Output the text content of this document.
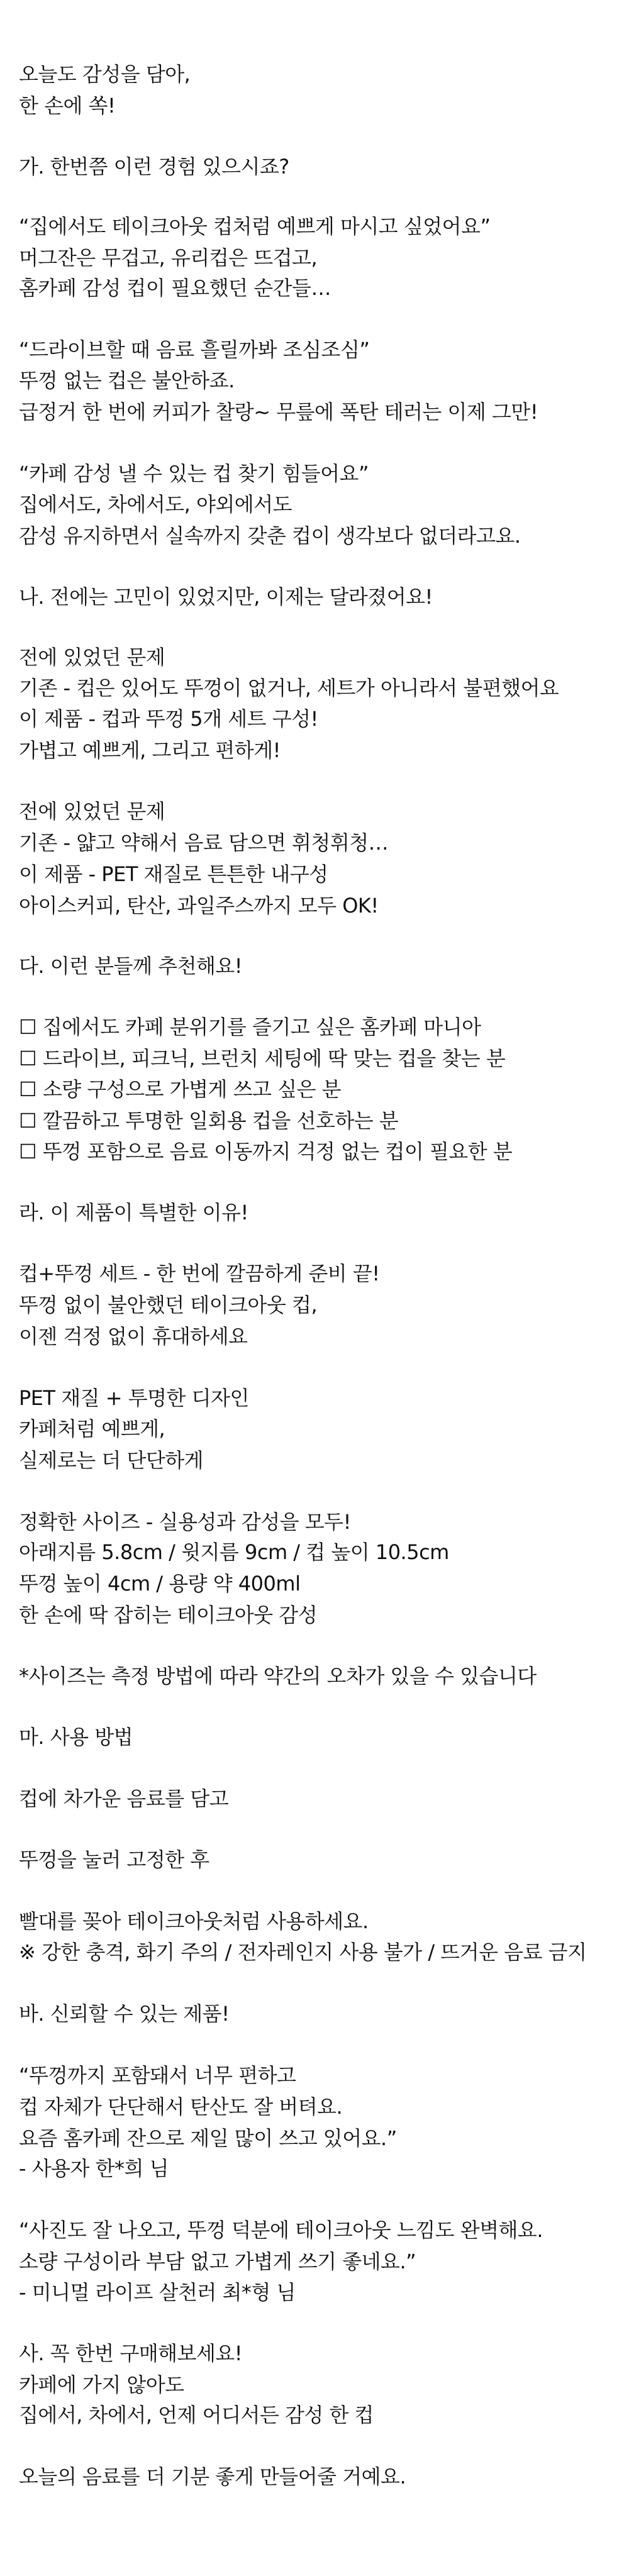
오늘도 감성을 담아,
한 손에 쏙!
가. 한번쯤 이런 경험 있으시죠?
“집에서도 테이크아웃 컵처럼 예쁘게 마시고 싶었어요”
머그잔은 무겁고, 유리컵은 뜨겁고,
홈카페 감성 컵이 필요했던 순간들…
“드라이브할 때 음료 흘릴까봐 조심조심”
뚜껑 없는 컵은 불안하죠.
급정거 한 번에 커피가 찰랑~ 무릎에 폭탄 테러는 이제 그만!
“카페 감성 낼 수 있는 컵 찾기 힘들어요”
집에서도, 차에서도, 야외에서도
감성 유지하면서 실속까지 갖춘 컵이 생각보다 없더라고요.
나. 전에는 고민이 있었지만, 이제는 달라졌어요!
전에 있었던 문제
기존 - 컵은 있어도 뚜껑이 없거나, 세트가 아니라서 불편했어요
이 제품 - 컵과 뚜껑 5개 세트 구성!
가볍고 예쁘게, 그리고 편하게!
전에 있었던 문제
기존 - 얇고 약해서 음료 담으면 휘청휘청…
이 제품 - PET 재질로 튼튼한 내구성
아이스커피, 탄산, 과일주스까지 모두 OK!
다. 이런 분들께 추천해요!
☐ 집에서도 카페 분위기를 즐기고 싶은 홈카페 마니아
☐ 드라이브, 피크닉, 브런치 세팅에 딱 맞는 컵을 찾는 분
☐ 소량 구성으로 가볍게 쓰고 싶은 분
☐ 깔끔하고 투명한 일회용 컵을 선호하는 분
☐ 뚜껑 포함으로 음료 이동까지 걱정 없는 컵이 필요한 분
라. 이 제품이 특별한 이유!
컵+뚜껑 세트 - 한 번에 깔끔하게 준비 끝!
뚜껑 없이 불안했던 테이크아웃 컵,
이젠 걱정 없이 휴대하세요
PET 재질 + 투명한 디자인
카페처럼 예쁘게,
실제로는 더 단단하게
정확한 사이즈 - 실용성과 감성을 모두!
아래지름 5.8cm / 윗지름 9cm / 컵 높이 10.5cm
뚜껑 높이 4cm / 용량 약 400ml
한 손에 딱 잡히는 테이크아웃 감성
*사이즈는 측정 방법에 따라 약간의 오차가 있을 수 있습니다
마. 사용 방법
컵에 차가운 음료를 담고
뚜껑을 눌러 고정한 후
빨대를 꽂아 테이크아웃처럼 사용하세요.
※ 강한 충격, 화기 주의 / 전자레인지 사용 불가 / 뜨거운 음료 금지
바. 신뢰할 수 있는 제품!
“뚜껑까지 포함돼서 너무 편하고
컵 자체가 단단해서 탄산도 잘 버텨요.
요즘 홈카페 잔으로 제일 많이 쓰고 있어요.”
- 사용자 한*희 님
“사진도 잘 나오고, 뚜껑 덕분에 테이크아웃 느낌도 완벽해요.
소량 구성이라 부담 없고 가볍게 쓰기 좋네요.”
- 미니멀 라이프 살천러 최*형 님
사. 꼭 한번 구매해보세요!
카페에 가지 않아도
집에서, 차에서, 언제 어디서든 감성 한 컵
오늘의 음료를 더 기분 좋게 만들어줄 거예요.
